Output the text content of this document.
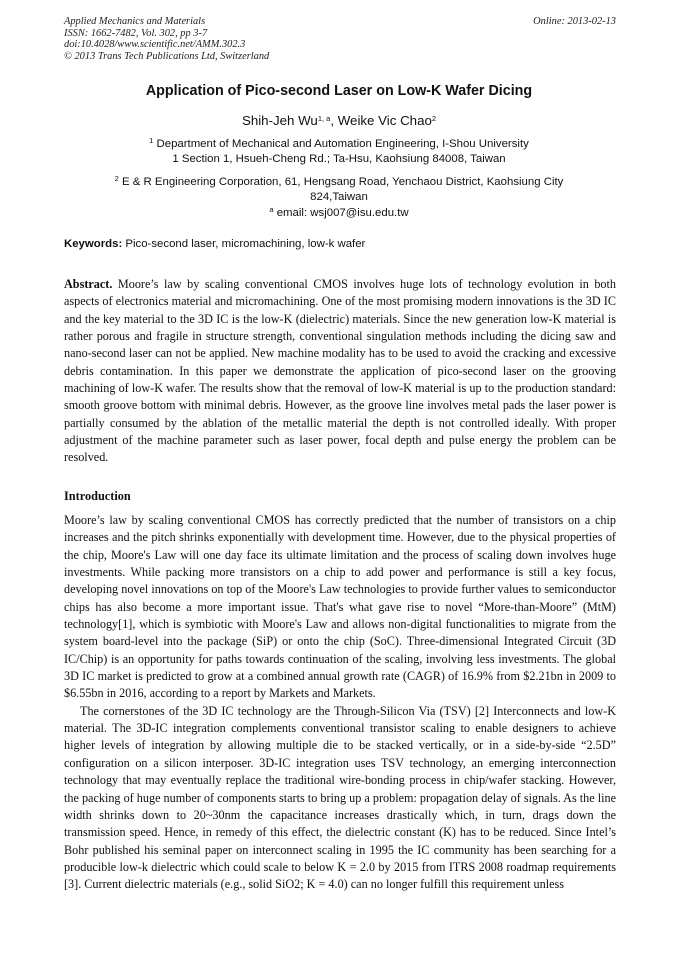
Applied Mechanics and Materials
ISSN: 1662-7482, Vol. 302, pp 3-7
doi:10.4028/www.scientific.net/AMM.302.3
© 2013 Trans Tech Publications Ltd, Switzerland
Online: 2013-02-13
Application of Pico-second Laser on Low-K Wafer Dicing
Shih-Jeh Wu$^{1, a}$, Weike Vic Chao$^2$
$^1$ Department of Mechanical and Automation Engineering, I-Shou University
1 Section 1, Hsueh-Cheng Rd.; Ta-Hsu, Kaohsiung 84008, Taiwan
$^2$ E & R Engineering Corporation, 61, Hengsang Road, Yenchaou District, Kaohsiung City
824,Taiwan
$^a$ email: wsj007@isu.edu.tw
Keywords: Pico-second laser, micromachining, low-k wafer
Abstract. Moore’s law by scaling conventional CMOS involves huge lots of technology evolution in both aspects of electronics material and micromachining. One of the most promising modern innovations is the 3D IC and the key material to the 3D IC is the low-K (dielectric) materials. Since the new generation low-K material is rather porous and fragile in structure strength, conventional singulation methods including the dicing saw and nano-second laser can not be applied. New machine modality has to be used to avoid the cracking and excessive debris contamination. In this paper we demonstrate the application of pico-second laser on the grooving machining of low-K wafer. The results show that the removal of low-K material is up to the production standard: smooth groove bottom with minimal debris. However, as the groove line involves metal pads the laser power is partially consumed by the ablation of the metallic material the depth is not controlled ideally. With proper adjustment of the machine parameter such as laser power, focal depth and pulse energy the problem can be resolved.
Introduction
Moore’s law by scaling conventional CMOS has correctly predicted that the number of transistors on a chip increases and the pitch shrinks exponentially with development time. However, due to the physical properties of the chip, Moore's Law will one day face its ultimate limitation and the process of scaling down involves huge investments. While packing more transistors on a chip to add power and performance is still a key focus, developing novel innovations on top of the Moore's Law technologies to provide further values to semiconductor chips has also become a more important issue. That's what gave rise to novel “More-than-Moore” (MtM) technology[1], which is symbiotic with Moore's Law and allows non-digital functionalities to migrate from the system board-level into the package (SiP) or onto the chip (SoC). Three-dimensional Integrated Circuit (3D IC/Chip) is an opportunity for paths towards continuation of the scaling, involving less investments. The global 3D IC market is predicted to grow at a combined annual growth rate (CAGR) of 16.9% from $2.21bn in 2009 to $6.55bn in 2016, according to a report by Markets and Markets.
The cornerstones of the 3D IC technology are the Through-Silicon Via (TSV) [2] Interconnects and low-K material. The 3D-IC integration complements conventional transistor scaling to enable designers to achieve higher levels of integration by allowing multiple die to be stacked vertically, or in a side-by-side “2.5D” configuration on a silicon interposer. 3D-IC integration uses TSV technology, an emerging interconnection technology that may eventually replace the traditional wire-bonding process in chip/wafer stacking. However, the packing of huge number of components starts to bring up a problem: propagation delay of signals. As the line width shrinks down to 20~30nm the capacitance increases drastically which, in turn, drags down the transmission speed. Hence, in remedy of this effect, the dielectric constant (K) has to be reduced. Since Intel’s Bohr published his seminal paper on interconnect scaling in 1995 the IC community has been searching for a producible low-k dielectric which could scale to below K = 2.0 by 2015 from ITRS 2008 roadmap requirements [3]. Current dielectric materials (e.g., solid SiO2; K = 4.0) can no longer fulfill this requirement unless
